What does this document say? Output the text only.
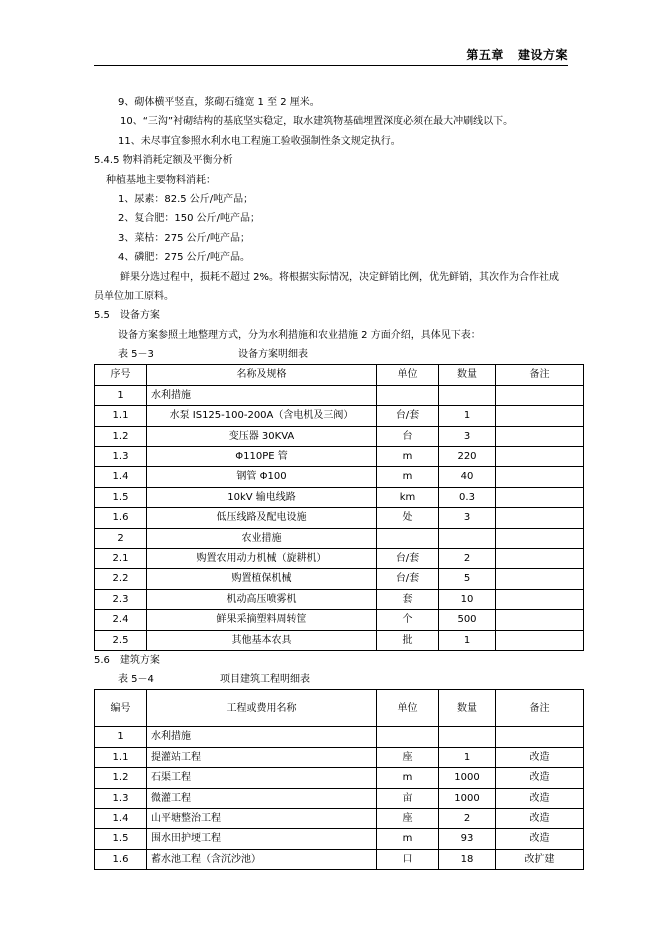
第五章 建设方案

9、砌体横平竖直，浆砌石缝宽 1 至 2 厘米。

10、“三沟”衬砌结构的基底坚实稳定，取水建筑物基础埋置深度必须在最大冲刷线以下。

11、未尽事宜参照水利水电工程施工验收强制性条文规定执行。

5.4.5 物料消耗定额及平衡分析

种植基地主要物料消耗：

1、尿素：82.5 公斤/吨产品；

2、复合肥：150 公斤/吨产品；

3、菜枯：275 公斤/吨产品；

4、磷肥：275 公斤/吨产品。

鲜果分选过程中，损耗不超过 2%。将根据实际情况，决定鲜销比例，优先鲜销，其次作为合作社成员单位加工原料。

5.5　设备方案

设备方案参照土地整理方式，分为水利措施和农业措施 2 方面介绍，具体见下表：

表 5－3	设备方案明细表
序号	名称及规格	单位	数量	备注
1	水利措施			
1.1	水泵 IS125-100-200A（含电机及三阀）	台/套	1	
1.2	变压器 30KVA	台	3	
1.3	Φ110PE 管	m	220	
1.4	钢管 Φ100	m	40	
1.5	10kV 输电线路	km	0.3	
1.6	低压线路及配电设施	处	3	
2	农业措施			
2.1	购置农用动力机械（旋耕机）	台/套	2	
2.2	购置植保机械	台/套	5	
2.3	机动高压喷雾机	套	10	
2.4	鲜果采摘塑料周转筐	个	500	
2.5	其他基本农具	批	1	

5.6　建筑方案

表 5－4	项目建筑工程明细表
编号	工程或费用名称	单位	数量	备注
1	水利措施			
1.1	提灌站工程	座	1	改造
1.2	石渠工程	m	1000	改造
1.3	微灌工程	亩	1000	改造
1.4	山平塘整治工程	座	2	改造
1.5	围水田护埂工程	m	93	改造
1.6	蓄水池工程（含沉沙池）	口	18	改扩建
